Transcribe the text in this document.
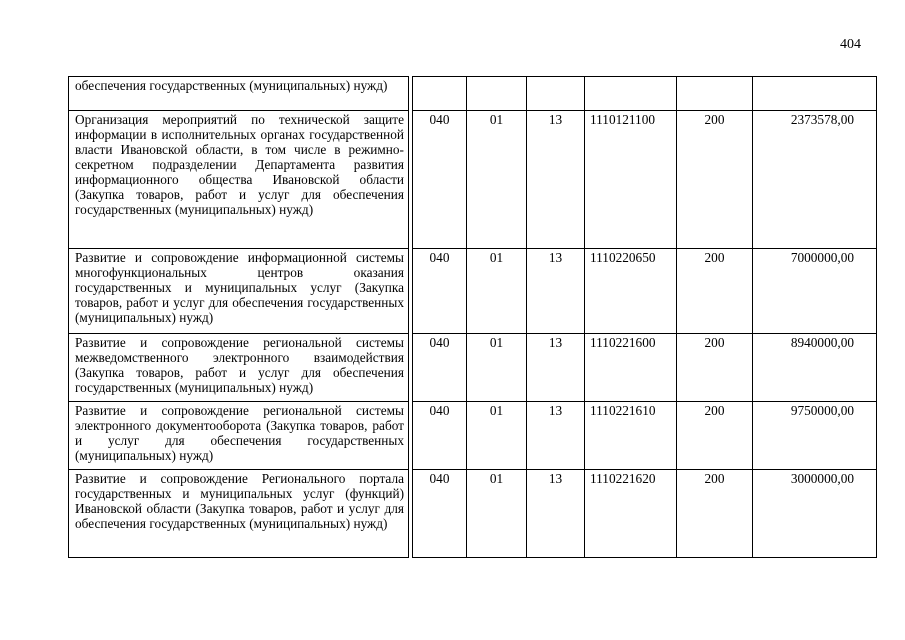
404
обеспечения государственных (муниципальных) нужд)							
Организация мероприятий по технической защите информации в исполнительных органах государственной власти Ивановской области, в том числе в режимно-секретном подразделении Департамента развития информационного общества Ивановской области (Закупка товаров, работ и услуг для обеспечения государственных (муниципальных) нужд)		040	01	13	1110121100	200	2373578,00
Развитие и сопровождение информационной системы многофункциональных центров оказания государственных и муниципальных услуг (Закупка товаров, работ и услуг для обеспечения государственных (муниципальных) нужд)		040	01	13	1110220650	200	7000000,00
Развитие и сопровождение региональной системы межведомственного электронного взаимодействия (Закупка товаров, работ и услуг для обеспечения государственных (муниципальных) нужд)		040	01	13	1110221600	200	8940000,00
Развитие и сопровождение региональной системы электронного документооборота (Закупка товаров, работ и услуг для обеспечения государственных (муниципальных) нужд)		040	01	13	1110221610	200	9750000,00
Развитие и сопровождение Регионального портала государственных и муниципальных услуг (функций) Ивановской области (Закупка товаров, работ и услуг для обеспечения государственных (муниципальных) нужд)		040	01	13	1110221620	200	3000000,00
